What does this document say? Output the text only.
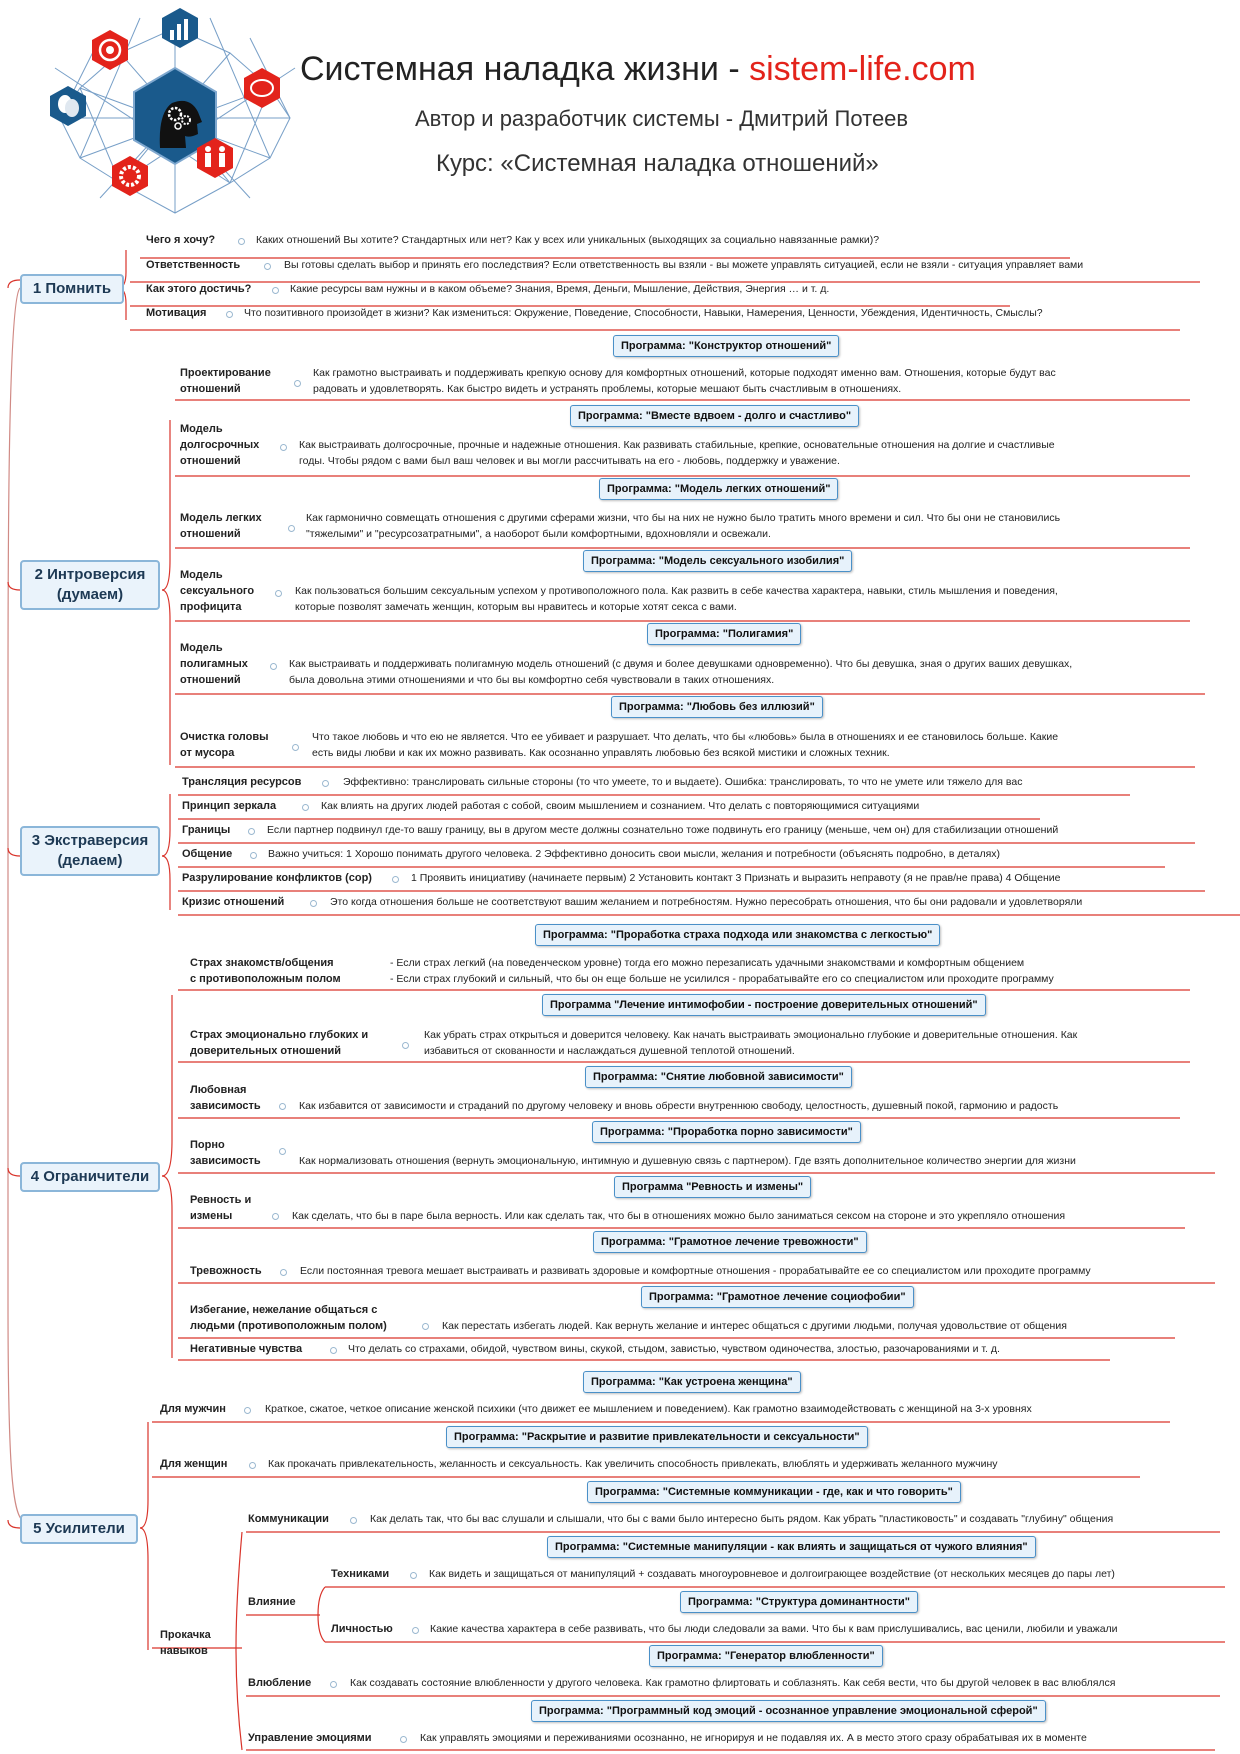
Системная наладка жизни - sistem-life.com
Автор и разработчик системы - Дмитрий Потеев
Курс: «Системная наладка отношений»
1 Помнить
Чего я хочу?	Каких отношений Вы хотите? Стандартных или нет? Как у всех или уникальных (выходящих за социально навязанные рамки)?
Ответственность	Вы готовы сделать выбор и принять его последствия? Если ответственность вы взяли - вы можете управлять ситуацией, если не взяли - ситуация управляет вами
Как этого достичь?	Какие ресурсы вам нужны и в каком объеме? Знания, Время, Деньги, Мышление, Действия, Энергия … и т. д.
Мотивация	Что позитивного произойдет в жизни? Как измениться: Окружение, Поведение, Способности, Навыки, Намерения, Ценности, Убеждения, Идентичность, Смыслы?
2 Интроверсия
(думаем)
Программа: "Конструктор отношений"
Проектирование
отношений
Как грамотно выстраивать и поддерживать крепкую основу для комфортных отношений, которые подходят именно вам. Отношения, которые будут вас
радовать и удовлетворять. Как быстро видеть и устранять проблемы, которые мешают быть счастливым в отношениях.
Программа: "Вместе вдвоем - долго и счастливо"
Модель
долгосрочных
отношений
Как выстраивать долгосрочные, прочные и надежные отношения. Как развивать стабильные, крепкие, основательные отношения на долгие и счастливые
годы. Чтобы рядом с вами был ваш человек и вы могли рассчитывать на его - любовь, поддержку и уважение.
Программа: "Модель легких отношений"
Модель легких
отношений
Как гармонично совмещать отношения с другими сферами жизни, что бы на них не нужно было тратить много времени и сил. Что бы они не становились
"тяжелыми" и "ресурсозатратными", а наоборот были комфортными, вдохновляли и освежали.
Программа: "Модель сексуального изобилия"
Модель
сексуального
профицита
Как пользоваться большим сексуальным успехом у противоположного пола. Как развить в себе качества характера, навыки, стиль мышления и поведения,
которые позволят замечать женщин, которым вы нравитесь и которые хотят секса с вами.
Программа: "Полигамия"
Модель
полигамных
отношений
Как выстраивать и поддерживать полигамную модель отношений (с двумя и более девушками одновременно). Что бы девушка, зная о других ваших девушках,
была довольна этими отношениями и что бы вы комфортно себя чувствовали в таких отношениях.
Программа: "Любовь без иллюзий"
Очистка головы
от мусора
Что такое любовь и что ею не является. Что ее убивает и разрушает. Что делать, что бы «любовь» была в отношениях и ее становилось больше. Какие
есть виды любви и как их можно развивать. Как осознанно управлять любовью без всякой мистики и сложных техник.
3 Экстраверсия
(делаем)
Трансляция ресурсов	Эффективно: транслировать сильные стороны (то что умеете, то и выдаете). Ошибка: транслировать, то что не умете или тяжело для вас
Принцип зеркала	Как влиять на других людей работая с собой, своим мышлением и сознанием. Что делать с повторяющимися ситуациями
Границы	Если партнер подвинул где-то вашу границу, вы в другом месте должны сознательно тоже подвинуть его границу (меньше, чем он) для стабилизации отношений
Общение	Важно учиться: 1 Хорошо понимать другого человека. 2 Эффективно доносить свои мысли, желания и потребности (объяснять подробно, в деталях)
Разрулирование конфликтов (сор)	1 Проявить инициативу (начинаете первым) 2 Установить контакт 3 Признать и выразить неправоту (я не прав/не права) 4 Общение
Кризис отношений	Это когда отношения больше не соответствуют вашим желанием и потребностям. Нужно пересобрать отношения, что бы они радовали и удовлетворяли
4 Ограничители
Программа: "Проработка страха подхода или знакомства с легкостью"
Страх знакомств/общения
с противоположным полом
- Если страх легкий (на поведенческом уровне) тогда его можно перезаписать удачными знакомствами и комфортным общением
- Если страх глубокий и сильный, что бы он еще больше не усилился - прорабатывайте его со специалистом или проходите программу
Программа "Лечение интимофобии - построение доверительных отношений"
Страх эмоционально глубоких и
доверительных отношений
Как убрать страх открыться и доверится человеку. Как начать выстраивать эмоционально глубокие и доверительные отношения. Как
избавиться от скованности и наслаждаться душевной теплотой отношений.
Программа: "Снятие любовной зависимости"
Любовная
зависимость	Как избавится от зависимости и страданий по другому человеку и вновь обрести внутреннюю свободу, целостность, душевный покой, гармонию и радость
Программа: "Проработка порно зависимости"
Порно
зависимость	Как нормализовать отношения (вернуть эмоциональную, интимную и душевную связь с партнером). Где взять дополнительное количество энергии для жизни
Программа "Ревность и измены"
Ревность и
измены	Как сделать, что бы в паре была верность. Или как сделать так, что бы в отношениях можно было заниматься сексом на стороне и это укрепляло отношения
Программа: "Грамотное лечение тревожности"
Тревожность	Если постоянная тревога мешает выстраивать и развивать здоровые и комфортные отношения - прорабатывайте ее со специалистом или проходите программу
Программа: "Грамотное лечение социофобии"
Избегание, нежелание общаться с
людьми (противоположным полом)	Как перестать избегать людей. Как вернуть желание и интерес общаться с другими людьми, получая удовольствие от общения
Негативные чувства	Что делать со страхами, обидой, чувством вины, скукой, стыдом, завистью, чувством одиночества, злостью, разочарованиями и т. д.
5 Усилители
Программа: "Как устроена женщина"
Для мужчин	Краткое, сжатое, четкое описание женской психики (что движет ее мышлением и поведением). Как грамотно взаимодействовать с женщиной на 3-х уровнях
Программа: "Раскрытие и развитие привлекательности и сексуальности"
Для женщин	Как прокачать привлекательность, желанность и сексуальность. Как увеличить способность привлекать, влюблять и удерживать желанного мужчину
Прокачка
навыков
Программа: "Системные коммуникации - где, как и что говорить"
Коммуникации	Как делать так, что бы вас слушали и слышали, что бы с вами было интересно быть рядом. Как убрать "пластиковость" и создавать "глубину" общения
Влияние
Программа: "Системные манипуляции - как влиять и защищаться от чужого влияния"
Техниками	Как видеть и защищаться от манипуляций + создавать многоуровневое и долгоиграющее воздействие (от нескольких месяцев до пары лет)
Программа: "Структура доминантности"
Личностью	Какие качества характера в себе развивать, что бы люди следовали за вами. Что бы к вам прислушивались, вас ценили, любили и уважали
Программа: "Генератор влюбленности"
Влюбление	Как создавать состояние влюбленности у другого человека. Как грамотно флиртовать и соблазнять. Как себя вести, что бы другой человек в вас влюблялся
Программа: "Программный код эмоций - осознанное управление эмоциональной сферой"
Управление эмоциями	Как управлять эмоциями и переживаниями осознанно, не игнорируя и не подавляя их. А в место этого сразу обрабатывая их в моменте
